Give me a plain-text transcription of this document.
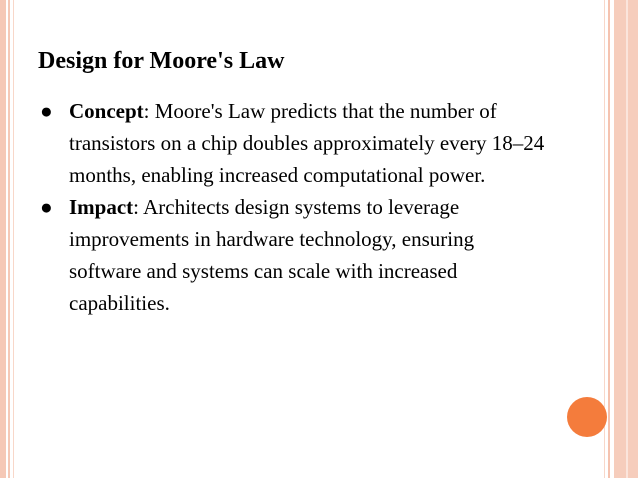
Design for Moore's Law
● Concept: Moore's Law predicts that the number of transistors on a chip doubles approximately every 18–24 months, enabling increased computational power.
● Impact: Architects design systems to leverage improvements in hardware technology, ensuring software and systems can scale with increased capabilities.
